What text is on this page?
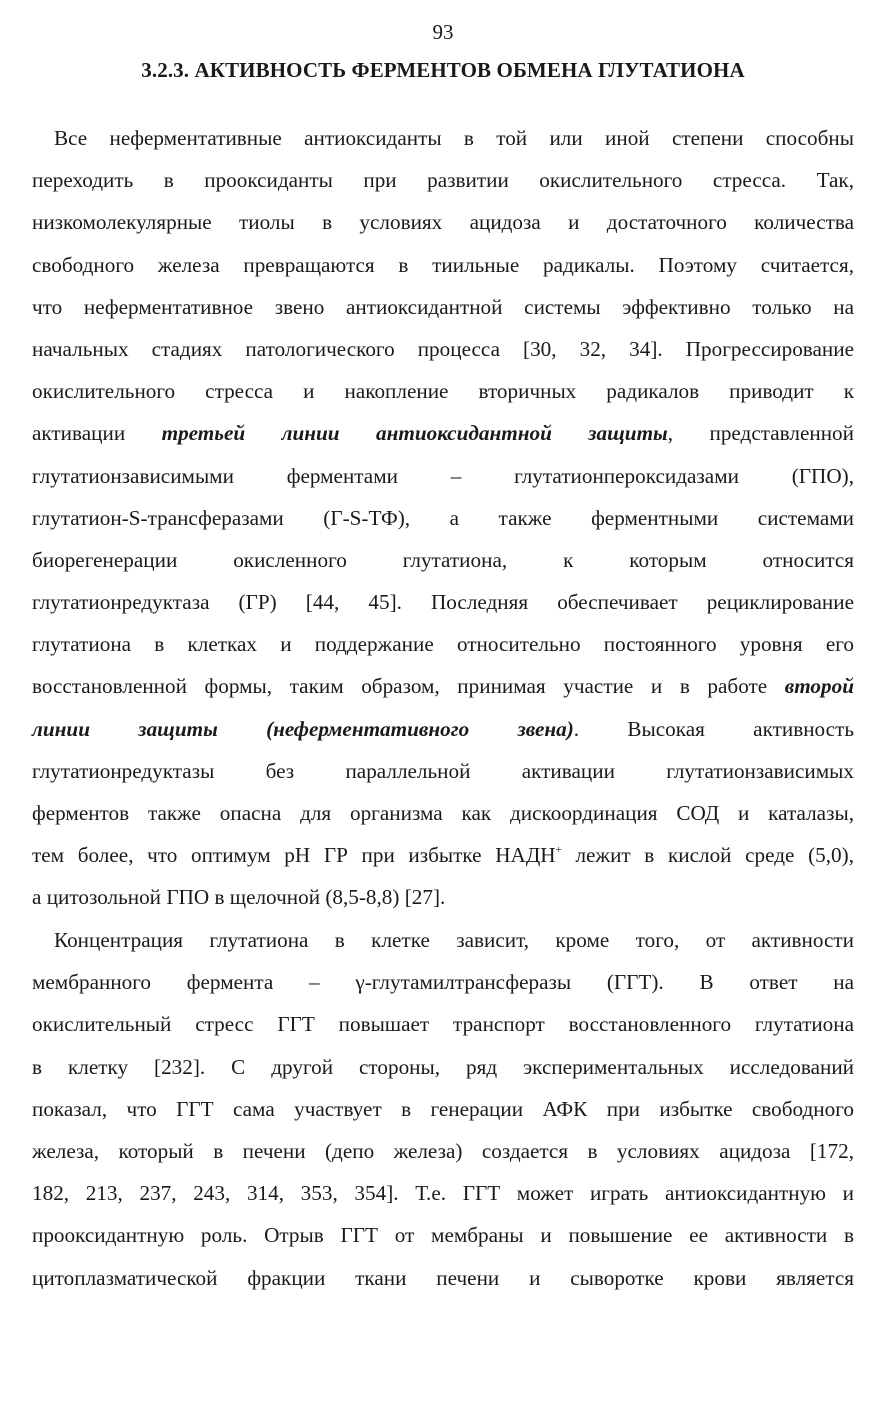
93
3.2.3. АКТИВНОСТЬ ФЕРМЕНТОВ ОБМЕНА ГЛУТАТИОНА
Все нeферментативные антиоксиданты в той или иной степени способны
переходить в прооксиданты при развитии окислительного стресса. Так,
низкомолекулярные тиолы в условиях ацидоза и достаточного количества
свободного железа превращаются в тиильные радикалы. Поэтому считается,
что неферментативное звено антиоксидантной системы эффективно только на
начальных стадиях патологического процесса [30, 32, 34]. Прогрессирование
окислительного стресса и накопление вторичных радикалов приводит к
активации третьей линии антиоксидантной защиты, представленной
глутатионзависимыми ферментами – глутатионпероксидазами (ГПО),
глутатион-S-трансферазами (Г-S-ТФ), а также ферментными системами
биорегенерации окисленного глутатиона, к которым относится
глутатионредуктаза (ГР) [44, 45]. Последняя обеспечивает рециклирование
глутатиона в клетках и поддержание относительно постоянного уровня его
восстановленной формы, таким образом, принимая участие и в работе второй
линии защиты (неферментативного звена). Высокая активность
глутатионредуктазы без параллельной активации глутатионзависимых
ферментов также опасна для организма как дискоординация СОД и каталазы,
тем более, что оптимум pH ГР при избытке НАДН+ лежит в кислой среде (5,0),
а цитозольной ГПО в щелочной (8,5-8,8) [27].
Концентрация глутатиона в клетке зависит, кроме того, от активности
мембранного фермента – γ-глутамилтрансферазы (ГГТ). В ответ на
окислительный стресс ГГТ повышает транспорт восстановленного глутатиона
в клетку [232]. С другой стороны, ряд экспериментальных исследований
показал, что ГГТ сама участвует в генерации АФК при избытке свободного
железа, который в печени (депо железа) создается в условиях ацидоза [172,
182, 213, 237, 243, 314, 353, 354]. Т.е. ГГТ может играть антиоксидантную и
прооксидантную роль. Отрыв ГГТ от мембраны и повышение ее активности в
цитоплазматической фракции ткани печени и сыворотке крови является
